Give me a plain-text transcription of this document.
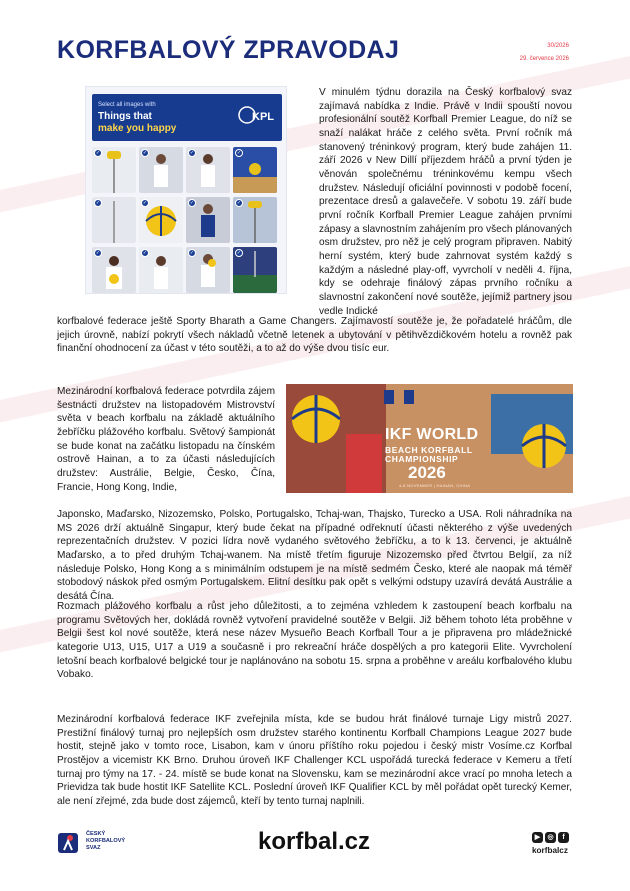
KORFBALOVÝ ZPRAVODAJ	30/2026
29. července 2026
Select all images with
Things that
make you happy
KPL
✓	✓	✓	✓
✓	✓	✓	✓
✓	✓	✓	✓

V minulém týdnu dorazila na Český korfbalový svaz zajímavá nabídka z Indie. Právě v Indii spouští novou profesionální soutěž Korfball Premier League, do níž se snaží nalákat hráče z celého světa. První ročník má stanovený tréninkový program, který bude zahájen 11. září 2026 v New Dillí příjezdem hráčů a první týden je věnován společnému tréninkovému kempu všech družstev. Následují oficiální povinnosti v podobě focení, prezentace dresů a galavečeře. V sobotu 19. září bude první ročník Korfball Premier League zahájen prvními zápasy a slavnostním zahájením pro všech plánovaných osm družstev, pro něž je celý program připraven. Nabitý herní systém, který bude zahrnovat systém každý s každým a následné play-off, vyvrcholí v neděli 4. října, kdy se odehraje finálový zápas prvního ročníku a slavnostní zakončení nové soutěže, jejímiž partnery jsou vedle Indické

korfbalové federace ještě Sporty Bharath a Game Changers. Zajímavostí soutěže je, že pořadatelé hráčům, dle jejich úrovně, nabízí pokrytí všech nákladů včetně letenek a ubytování v pětihvězdičkovém hotelu a rovněž pak finanční ohodnocení za účast v této soutěži, a to až do výše dvou tisíc eur.

Mezinárodní korfbalová federace potvrdila zájem šestnácti družstev na listopadovém Mistrovství světa v beach korfbalu na základě aktuálního žebříčku plážového korfbalu. Světový šampionát se bude konat na začátku listopadu na čínském ostrově Hainan, a to za účasti následujících družstev: Austrálie, Belgie, Česko, Čína, Francie, Hong Kong, Indie,

IKF WORLD
BEACH KORFBALL
CHAMPIONSHIP
2026
4-8 NOVEMBER | HAINAN, CHINA

Japonsko, Maďarsko, Nizozemsko, Polsko, Portugalsko, Tchaj-wan, Thajsko, Turecko a USA. Roli náhradníka na MS 2026 drží aktuálně Singapur, který bude čekat na případné odřeknutí účasti některého z výše uvedených reprezentačních družstev. V pozici lídra nově vydaného světového žebříčku, a to k 13. červenci, je aktuálně Maďarsko, a to před druhým Tchaj-wanem. Na místě třetím figuruje Nizozemsko před čtvrtou Belgií, za níž následuje Polsko, Hong Kong a s minimálním odstupem je na místě sedmém Česko, které ale naopak má téměř stobodový náskok před osmým Portugalskem. Elitní desítku pak opět s velkými odstupy uzavírá devátá Austrálie a desátá Čína.

Rozmach plážového korfbalu a růst jeho důležitosti, a to zejména vzhledem k zastoupení beach korfbalu na programu Světových her, dokládá rovněž vytvoření pravidelné soutěže v Belgii. Již během tohoto léta proběhne v Belgii šest kol nové soutěže, která nese název Mysueño Beach Korfball Tour a je připravena pro mládežnické kategorie U13, U15, U17 a U19 a současně i pro rekreační hráče dospělých a pro kategorii Elite. Vyvrcholení letošní beach korfbalové belgické tour je naplánováno na sobotu 15. srpna a proběhne v areálu korfbalového klubu Vobako.

Mezinárodní korfbalová federace IKF zveřejnila místa, kde se budou hrát finálové turnaje Ligy mistrů 2027. Prestižní finálový turnaj pro nejlepších osm družstev starého kontinentu Korfball Champions League 2027 bude hostit, stejně jako v tomto roce, Lisabon, kam v únoru příštího roku pojedou i český mistr Vosíme.cz Korfbal Prostějov a vicemistr KK Brno. Druhou úroveň IKF Challenger KCL uspořádá turecká federace v Kemeru a třetí turnaj pro týmy na 17. - 24. místě se bude konat na Slovensku, kam se mezinárodní akce vrací po mnoha letech a Prievidza tak bude hostit IKF Satellite KCL. Poslední úroveň IKF Qualifier KCL by měl pořádat opět turecký Kemer, ale není zřejmé, zda bude dost zájemců, kteří by tento turnaj naplnili.

ČESKÝ
KORFBALOVÝ
SVAZ	korfbal.cz	▶	◎	f
korfbalcz
